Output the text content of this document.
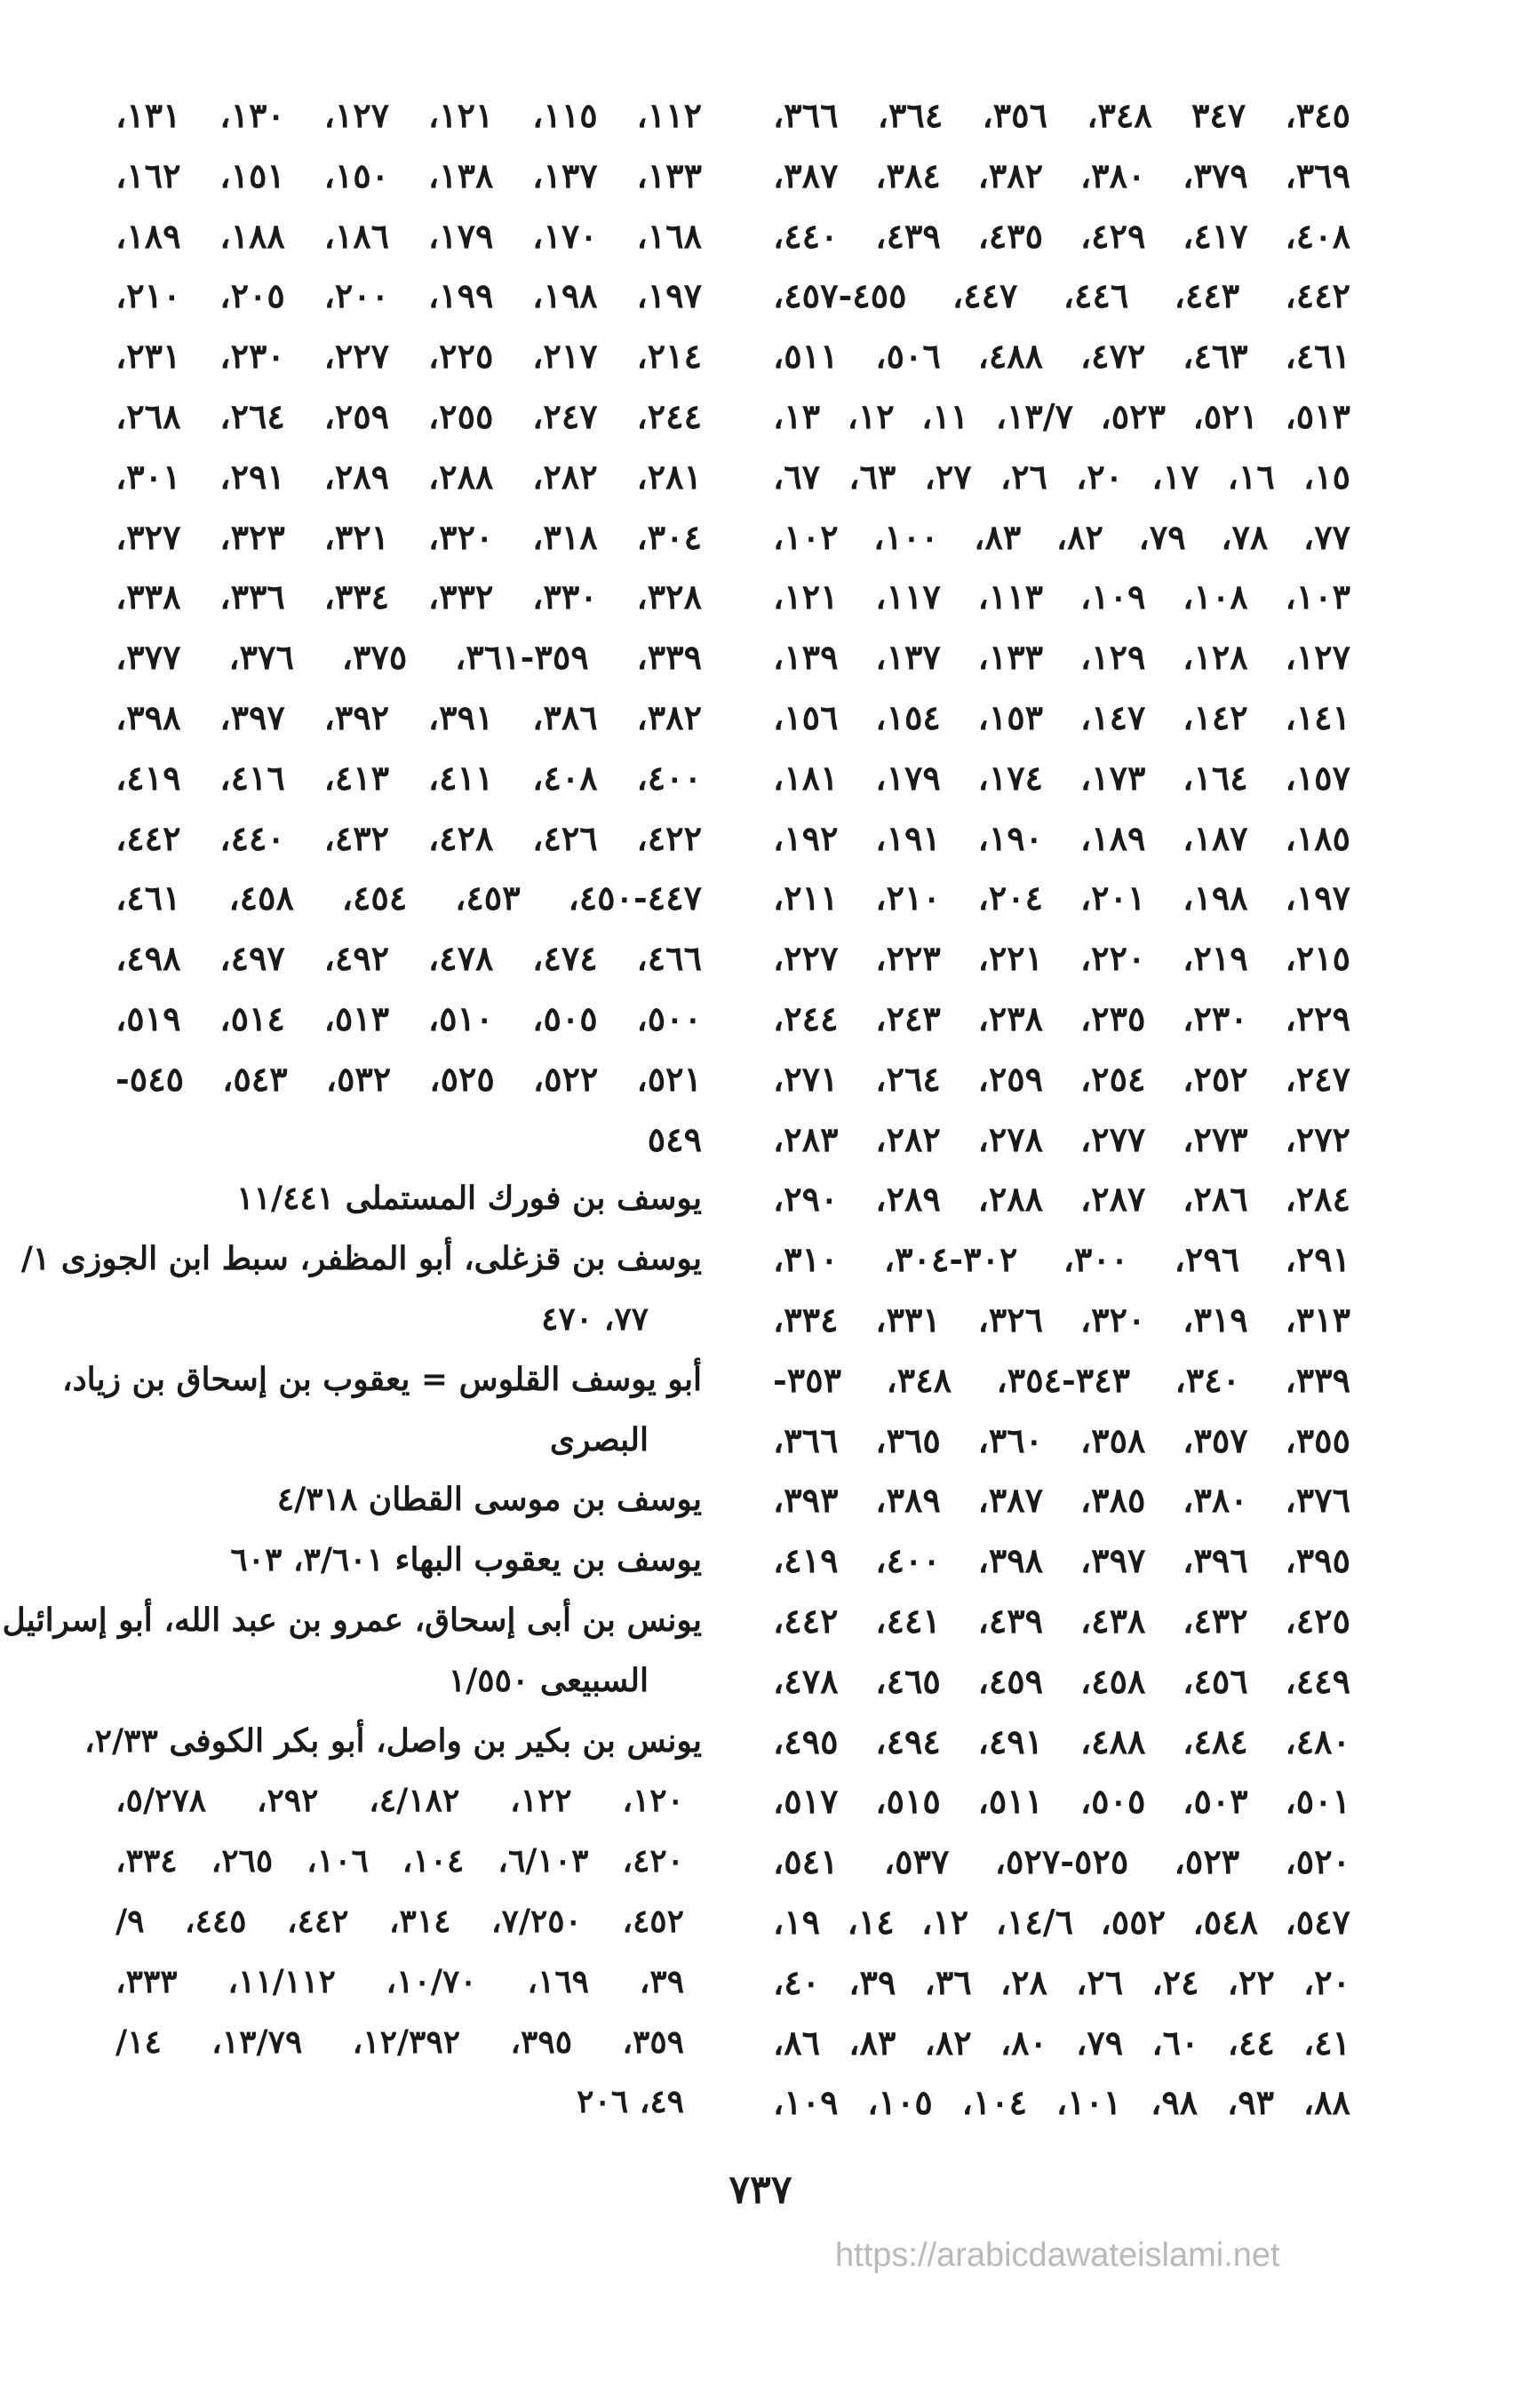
٣٤٥، ٣٤٧ ٣٤٨، ٣٥٦، ٣٦٤، ٣٦٦،
٣٦٩، ٣٧٩، ٣٨٠، ٣٨٢، ٣٨٤، ٣٨٧،
٤٠٨، ٤١٧، ٤٢٩، ٤٣٥، ٤٣٩، ٤٤٠،
٤٤٢، ٤٤٣، ٤٤٦، ٤٤٧، ٤٥٥-٤٥٧،
٤٦١، ٤٦٣، ٤٧٢، ٤٨٨، ٥٠٦، ٥١١،
٥١٣، ٥٢١، ٥٢٣، ١٣/٧، ١١، ١٢، ١٣،
١٥، ١٦، ١٧، ٢٠، ٢٦، ٢٧، ٦٣، ٦٧،
٧٧، ٧٨، ٧٩، ٨٢، ٨٣، ١٠٠، ١٠٢،
١٠٣، ١٠٨، ١٠٩، ١١٣، ١١٧، ١٢١،
١٢٧، ١٢٨، ١٢٩، ١٣٣، ١٣٧، ١٣٩،
١٤١، ١٤٢، ١٤٧، ١٥٣، ١٥٤، ١٥٦،
١٥٧، ١٦٤، ١٧٣، ١٧٤، ١٧٩، ١٨١،
١٨٥، ١٨٧، ١٨٩، ١٩٠، ١٩١، ١٩٢،
١٩٧، ١٩٨، ٢٠١، ٢٠٤، ٢١٠، ٢١١،
٢١٥، ٢١٩، ٢٢٠، ٢٢١، ٢٢٣، ٢٢٧،
٢٢٩، ٢٣٠، ٢٣٥، ٢٣٨، ٢٤٣، ٢٤٤،
٢٤٧، ٢٥٢، ٢٥٤، ٢٥٩، ٢٦٤، ٢٧١،
٢٧٢، ٢٧٣، ٢٧٧، ٢٧٨، ٢٨٢، ٢٨٣،
٢٨٤، ٢٨٦، ٢٨٧، ٢٨٨، ٢٨٩، ٢٩٠،
٢٩١، ٢٩٦، ٣٠٠، ٣٠٢-٣٠٤، ٣١٠،
٣١٣، ٣١٩، ٣٢٠، ٣٢٦، ٣٣١، ٣٣٤،
٣٣٩، ٣٤٠، ٣٤٣-٣٥٤، ٣٤٨، ٣٥٣-
٣٥٥، ٣٥٧، ٣٥٨، ٣٦٠، ٣٦٥، ٣٦٦،
٣٧٦، ٣٨٠، ٣٨٥، ٣٨٧، ٣٨٩، ٣٩٣،
٣٩٥، ٣٩٦، ٣٩٧، ٣٩٨، ٤٠٠، ٤١٩،
٤٢٥، ٤٣٢، ٤٣٨، ٤٣٩، ٤٤١، ٤٤٢،
٤٤٩، ٤٥٦، ٤٥٨، ٤٥٩، ٤٦٥، ٤٧٨،
٤٨٠، ٤٨٤، ٤٨٨، ٤٩١، ٤٩٤، ٤٩٥،
٥٠١، ٥٠٣، ٥٠٥، ٥١١، ٥١٥، ٥١٧،
٥٢٠، ٥٢٣، ٥٢٥-٥٢٧، ٥٣٧، ٥٤١،
٥٤٧، ٥٤٨، ٥٥٢، ١٤/٦، ١٢، ١٤، ١٩،
٢٠، ٢٢، ٢٤، ٢٦، ٢٨، ٣٦، ٣٩، ٤٠،
٤١، ٤٤، ٦٠، ٧٩، ٨٠، ٨٢، ٨٣، ٨٦،
٨٨، ٩٣، ٩٨، ١٠١، ١٠٤، ١٠٥، ١٠٩،
١١٢، ١١٥، ١٢١، ١٢٧، ١٣٠، ١٣١،
١٣٣، ١٣٧، ١٣٨، ١٥٠، ١٥١، ١٦٢،
١٦٨، ١٧٠، ١٧٩، ١٨٦، ١٨٨، ١٨٩،
١٩٧، ١٩٨، ١٩٩، ٢٠٠، ٢٠٥، ٢١٠،
٢١٤، ٢١٧، ٢٢٥، ٢٢٧، ٢٣٠، ٢٣١،
٢٤٤، ٢٤٧، ٢٥٥، ٢٥٩، ٢٦٤، ٢٦٨،
٢٨١، ٢٨٢، ٢٨٨، ٢٨٩، ٢٩١، ٣٠١،
٣٠٤، ٣١٨، ٣٢٠، ٣٢١، ٣٢٣، ٣٢٧،
٣٢٨، ٣٣٠، ٣٣٢، ٣٣٤، ٣٣٦، ٣٣٨،
٣٣٩، ٣٥٩-٣٦١، ٣٧٥، ٣٧٦، ٣٧٧،
٣٨٢، ٣٨٦، ٣٩١، ٣٩٢، ٣٩٧، ٣٩٨،
٤٠٠، ٤٠٨، ٤١١، ٤١٣، ٤١٦، ٤١٩،
٤٢٢، ٤٢٦، ٤٢٨، ٤٣٢، ٤٤٠، ٤٤٢،
٤٤٧-٤٥٠، ٤٥٣، ٤٥٤، ٤٥٨، ٤٦١،
٤٦٦، ٤٧٤، ٤٧٨، ٤٩٢، ٤٩٧، ٤٩٨،
٥٠٠، ٥٠٥، ٥١٠، ٥١٣، ٥١٤، ٥١٩،
٥٢١، ٥٢٢، ٥٢٥، ٥٣٢، ٥٤٣، ٥٤٥-
٥٤٩
يوسف بن فورك المستملى ١١/٤٤١
يوسف بن قزغلى، أبو المظفر، سبط ابن الجوزى ١/
٧٧، ٤٧٠
أبو يوسف القلوس = يعقوب بن إسحاق بن زياد،
البصرى
يوسف بن موسى القطان ٤/٣١٨
يوسف بن يعقوب البهاء ٣/٦٠١، ٦٠٣
يونس بن أبى إسحاق، عمرو بن عبد الله، أبو إسرائيل
السبيعى ١/٥٥٠
يونس بن بكير بن واصل، أبو بكر الكوفى ٢/٣٣،
١٢٠، ١٢٢، ٤/١٨٢، ٢٩٢، ٥/٢٧٨،
٤٢٠، ٦/١٠٣، ١٠٤، ١٠٦، ٢٦٥، ٣٣٤،
٤٥٢، ٧/٢٥٠، ٣١٤، ٤٤٢، ٤٤٥، ٩/
٣٩، ١٦٩، ١٠/٧٠، ١١/١١٢، ٣٣٣،
٣٥٩، ٣٩٥، ١٢/٣٩٢، ١٣/٧٩، ١٤/
٤٩، ٢٠٦
٧٣٧
https://arabicdawateislami.net
